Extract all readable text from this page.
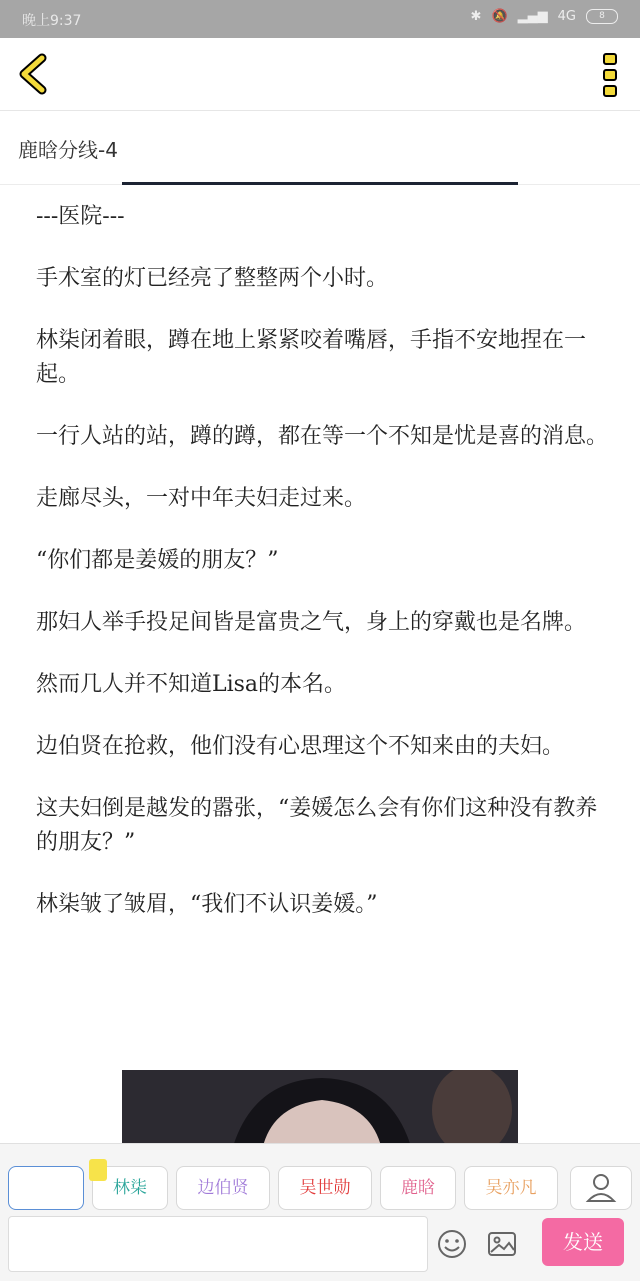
晚上9:37	✱ 🔕 ▂▄▆ 4G	8
鹿晗分线-4

---医院---

手术室的灯已经亮了整整两个小时。

林柒闭着眼，蹲在地上紧紧咬着嘴唇，手指不安地捏在一起。

一行人站的站，蹲的蹲，都在等一个不知是忧是喜的消息。

走廊尽头，一对中年夫妇走过来。

“你们都是姜媛的朋友？”

那妇人举手投足间皆是富贵之气，身上的穿戴也是名牌。

然而几人并不知道Lisa的本名。

边伯贤在抢救，他们没有心思理这个不知来由的夫妇。

这夫妇倒是越发的嚣张，“姜媛怎么会有你们这种没有教养的朋友？”

林柒皱了皱眉，“我们不认识姜媛。”

林柒	边伯贤	吴世勋	鹿晗	吴亦凡
发送
